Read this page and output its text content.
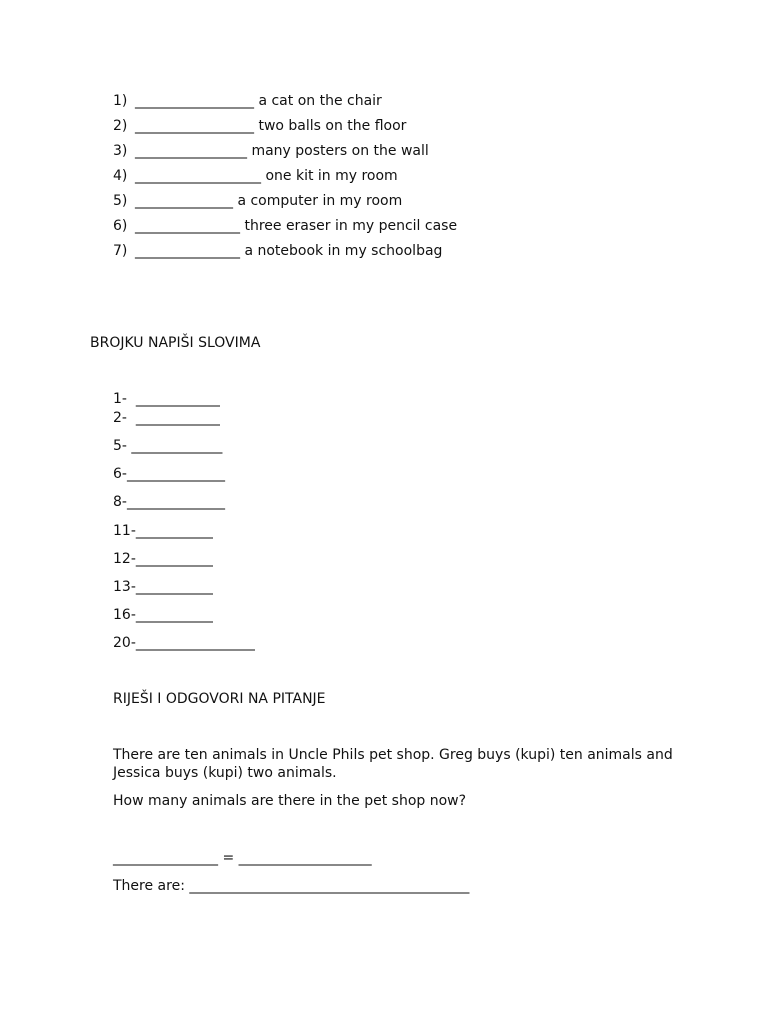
1) _________________ a cat on the chair
2) _________________ two balls on the floor
3) ________________ many posters on the wall
4) __________________ one kit in my room
5) ______________ a computer in my room
6) _______________ three eraser in my pencil case
7) _______________ a notebook in my schoolbag
BROJKU NAPIŠI SLOVIMA
1-  ____________
2-  ____________
5- _____________
6-______________
8-______________
11-___________
12-___________
13-___________
16-___________
20-_________________
RIJEŠI I ODGOVORI NA PITANJE
There are ten animals in Uncle Phils pet shop. Greg buys (kupi) ten animals and Jessica buys (kupi) two animals.
How many animals are there in the pet shop now?
_______________ = ___________________
There are: ________________________________________
